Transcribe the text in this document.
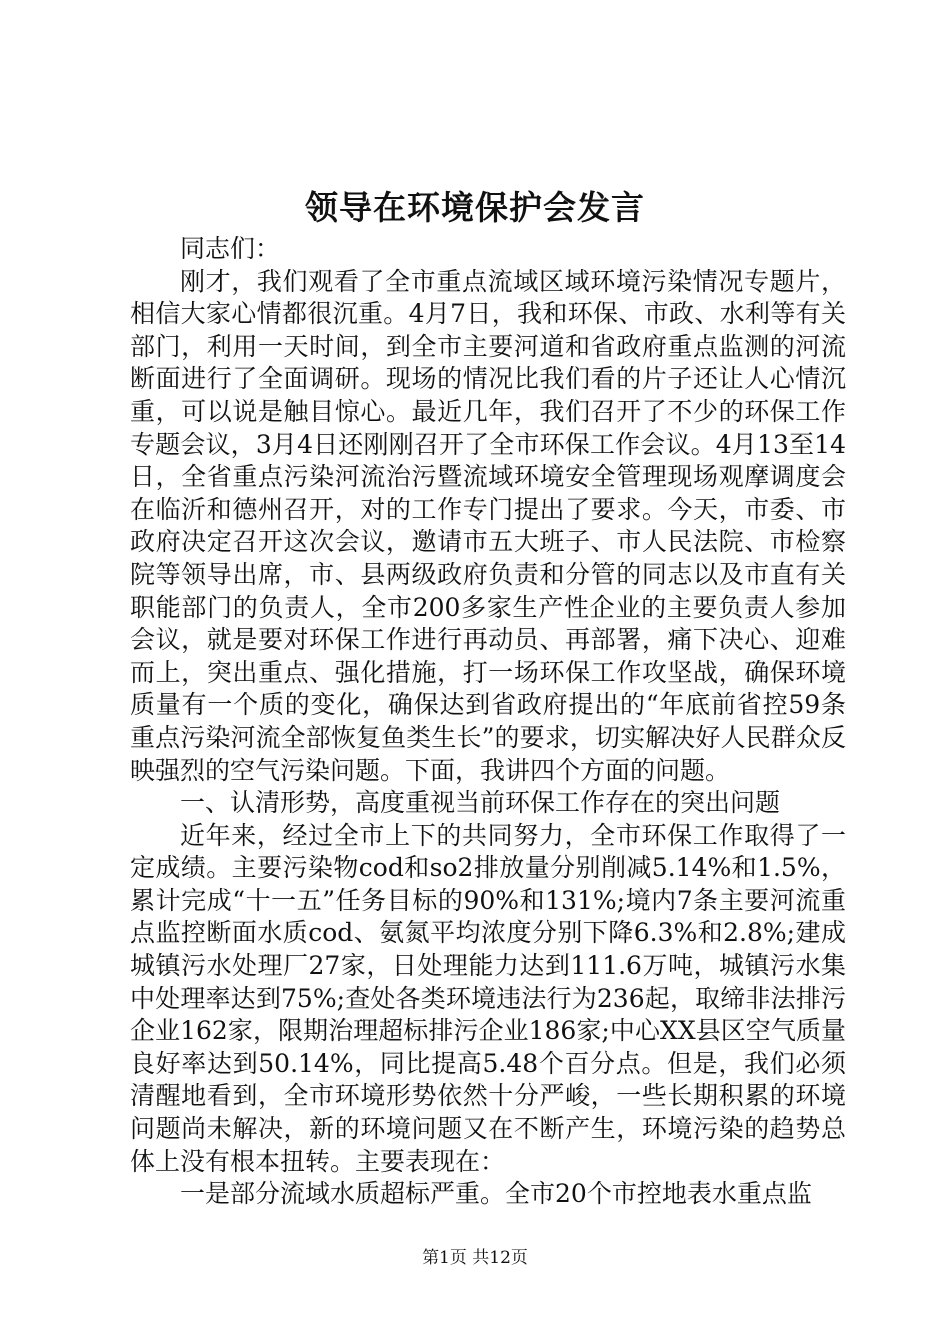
领导在环境保护会发言

同志们：

刚才，我们观看了全市重点流域区域环境污染情况专题片，相信大家心情都很沉重。4月7日，我和环保、市政、水利等有关部门，利用一天时间，到全市主要河道和省政府重点监测的河流断面进行了全面调研。现场的情况比我们看的片子还让人心情沉重，可以说是触目惊心。最近几年，我们召开了不少的环保工作专题会议，3月4日还刚刚召开了全市环保工作会议。4月13至14日，全省重点污染河流治污暨流域环境安全管理现场观摩调度会在临沂和德州召开，对的工作专门提出了要求。今天，市委、市政府决定召开这次会议，邀请市五大班子、市人民法院、市检察院等领导出席，市、县两级政府负责和分管的同志以及市直有关职能部门的负责人，全市200多家生产性企业的主要负责人参加会议，就是要对环保工作进行再动员、再部署，痛下决心、迎难而上，突出重点、强化措施，打一场环保工作攻坚战，确保环境质量有一个质的变化，确保达到省政府提出的“年底前省控59条重点污染河流全部恢复鱼类生长”的要求，切实解决好人民群众反映强烈的空气污染问题。下面，我讲四个方面的问题。

一、认清形势，高度重视当前环保工作存在的突出问题

近年来，经过全市上下的共同努力，全市环保工作取得了一定成绩。主要污染物cod和so2排放量分别削减5.14%和1.5%，累计完成“十一五”任务目标的90%和131%;境内7条主要河流重点监控断面水质cod、氨氮平均浓度分别下降6.3%和2.8%;建成城镇污水处理厂27家，日处理能力达到111.6万吨，城镇污水集中处理率达到75%;查处各类环境违法行为236起，取缔非法排污企业162家，限期治理超标排污企业186家;中心XX县区空气质量良好率达到50.14%，同比提高5.48个百分点。但是，我们必须清醒地看到，全市环境形势依然十分严峻，一些长期积累的环境问题尚未解决，新的环境问题又在不断产生，环境污染的趋势总体上没有根本扭转。主要表现在：

一是部分流域水质超标严重。全市20个市控地表水重点监

第1页 共12页
